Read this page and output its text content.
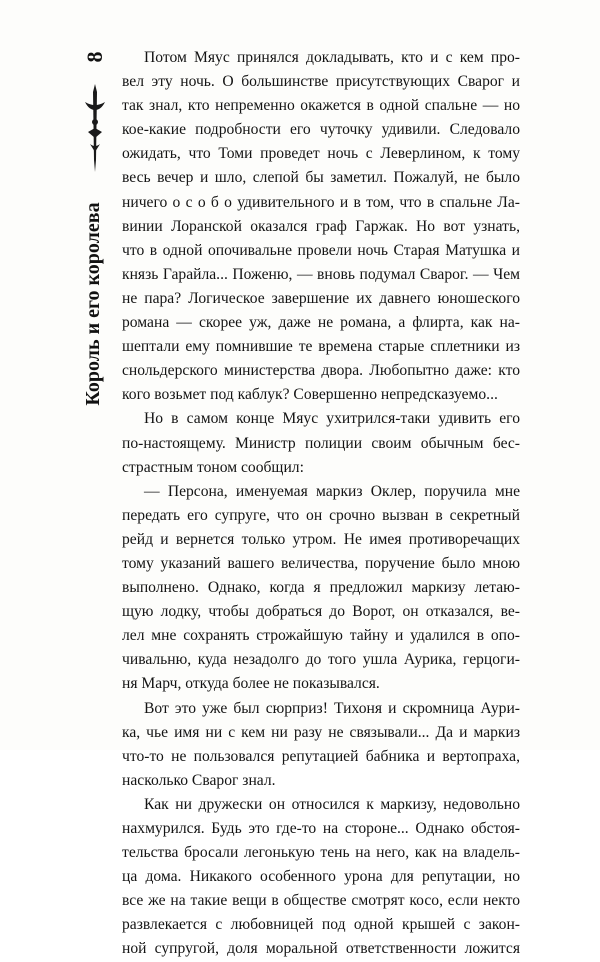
8
Король и его королева
Потом Мяус принялся докладывать, кто и с кем про-
вел эту ночь. О большинстве присутствующих Сварог и
так знал, кто непременно окажется в одной спальне — но
кое-какие подробности его чуточку удивили. Следовало
ожидать, что Томи проведет ночь с Леверлином, к тому
весь вечер и шло, слепой бы заметил. Пожалуй, не было
ничего о с о б о удивительного и в том, что в спальне Ла-
винии Лоранской оказался граф Гаржак. Но вот узнать,
что в одной опочивальне провели ночь Старая Матушка и
князь Гарайла... Поженю, — вновь подумал Сварог. — Чем
не пара? Логическое завершение их давнего юношеского
романа — скорее уж, даже не романа, а флирта, как на-
шептали ему помнившие те времена старые сплетники из
снольдерского министерства двора. Любопытно даже: кто
кого возьмет под каблук? Совершенно непредсказуемо...
Но в самом конце Мяус ухитрился-таки удивить его
по-настоящему. Министр полиции своим обычным бес-
страстным тоном сообщил:
— Персона, именуемая маркиз Оклер, поручила мне
передать его супруге, что он срочно вызван в секретный
рейд и вернется только утром. Не имея противоречащих
тому указаний вашего величества, поручение было мною
выполнено. Однако, когда я предложил маркизу летаю-
щую лодку, чтобы добраться до Ворот, он отказался, ве-
лел мне сохранять строжайшую тайну и удалился в опо-
чивальню, куда незадолго до того ушла Аурика, герцоги-
ня Марч, откуда более не показывался.
Вот это уже был сюрприз! Тихоня и скромница Аури-
ка, чье имя ни с кем ни разу не связывали... Да и маркиз
что-то не пользовался репутацией бабника и вертопраха,
насколько Сварог знал.
Как ни дружески он относился к маркизу, недовольно
нахмурился. Будь это где-то на стороне... Однако обстоя-
тельства бросали легонькую тень на него, как на владель-
ца дома. Никакого особенного урона для репутации, но
все же на такие вещи в обществе смотрят косо, если некто
развлекается с любовницей под одной крышей с закон-
ной супругой, доля моральной ответственности ложится
